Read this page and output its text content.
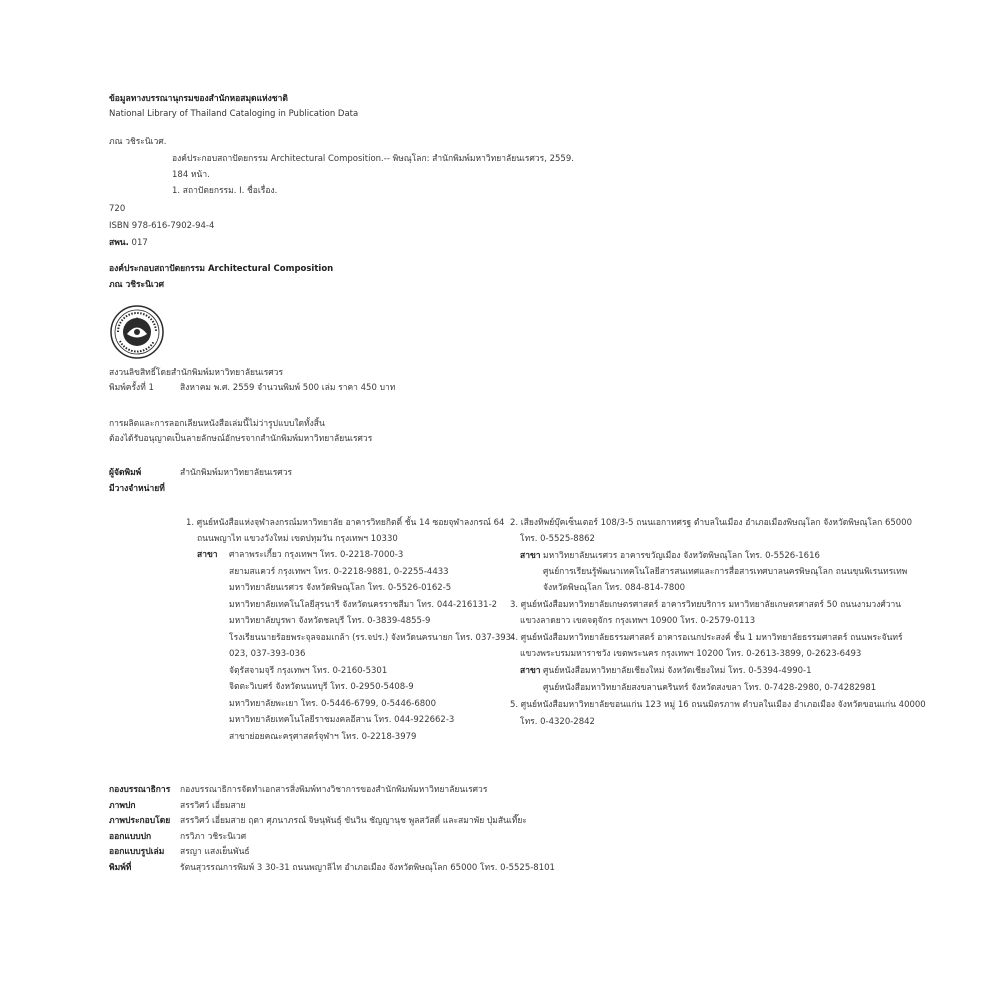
ข้อมูลทางบรรณานุกรมของสำนักหอสมุดแห่งชาติ
National Library of Thailand Cataloging in Publication Data
ภณ วชิระนิเวศ.
องค์ประกอบสถาปัตยกรรม Architectural Composition.-- พิษณุโลก: สำนักพิมพ์มหาวิทยาลัยนเรศวร, 2559.
184 หน้า.
1. สถาปัตยกรรม. I. ชื่อเรื่อง.
720
ISBN 978-616-7902-94-4
สพน. 017
องค์ประกอบสถาปัตยกรรม Architectural Composition
ภณ วชิระนิเวศ
สงวนลิขสิทธิ์โดยสำนักพิมพ์มหาวิทยาลัยนเรศวร
พิมพ์ครั้งที่ 1	สิงหาคม พ.ศ. 2559 จำนวนพิมพ์ 500 เล่ม ราคา 450 บาท
การผลิตและการลอกเลียนหนังสือเล่มนี้ไม่ว่ารูปแบบใดทั้งสิ้น
ต้องได้รับอนุญาตเป็นลายลักษณ์อักษรจากสำนักพิมพ์มหาวิทยาลัยนเรศวร
ผู้จัดพิมพ์	สำนักพิมพ์มหาวิทยาลัยนเรศวร
มีวางจำหน่ายที่
1. ศูนย์หนังสือแห่งจุฬาลงกรณ์มหาวิทยาลัย อาคารวิทยกิตติ์ ชั้น 14 ซอยจุฬาลงกรณ์ 64
ถนนพญาไท แขวงวังใหม่ เขตปทุมวัน กรุงเทพฯ 10330
สาขา ศาลาพระเกี้ยว กรุงเทพฯ โทร. 0-2218-7000-3
สยามสแควร์ กรุงเทพฯ โทร. 0-2218-9881, 0-2255-4433
มหาวิทยาลัยนเรศวร จังหวัดพิษณุโลก โทร. 0-5526-0162-5
มหาวิทยาลัยเทคโนโลยีสุรนารี จังหวัดนครราชสีมา โทร. 044-216131-2
มหาวิทยาลัยบูรพา จังหวัดชลบุรี โทร. 0-3839-4855-9
โรงเรียนนายร้อยพระจุลจอมเกล้า (รร.จปร.) จังหวัดนครนายก โทร. 037-393-
023, 037-393-036
จัตุรัสจามจุรี กรุงเทพฯ โทร. 0-2160-5301
จิตตะวิเบศร์ จังหวัดนนทบุรี โทร. 0-2950-5408-9
มหาวิทยาลัยพะเยา โทร. 0-5446-6799, 0-5446-6800
มหาวิทยาลัยเทคโนโลยีราชมงคลอีสาน โทร. 044-922662-3
สาขาย่อยคณะครุศาสตร์จุฬาฯ โทร. 0-2218-3979
2. เสียงทิพย์บุ๊คเซ็นเตอร์ 108/3-5 ถนนเอกาทศรฐ ตำบลในเมือง อำเภอเมืองพิษณุโลก จังหวัดพิษณุโลก 65000
โทร. 0-5525-8862
สาขา มหาวิทยาลัยนเรศวร อาคารขวัญเมือง จังหวัดพิษณุโลก โทร. 0-5526-1616
ศูนย์การเรียนรู้พัฒนาเทคโนโลยีสารสนเทศและการสื่อสารเทศบาลนครพิษณุโลก ถนนขุนพิเรนทรเทพ
จังหวัดพิษณุโลก โทร. 084-814-7800
3. ศูนย์หนังสือมหาวิทยาลัยเกษตรศาสตร์ อาคารวิทยบริการ มหาวิทยาลัยเกษตรศาสตร์ 50 ถนนงามวงศ์วาน
แขวงลาดยาว เขตจตุจักร กรุงเทพฯ 10900 โทร. 0-2579-0113
4. ศูนย์หนังสือมหาวิทยาลัยธรรมศาสตร์ อาคารอเนกประสงค์ ชั้น 1 มหาวิทยาลัยธรรมศาสตร์ ถนนพระจันทร์
แขวงพระบรมมหาราชวัง เขตพระนคร กรุงเทพฯ 10200 โทร. 0-2613-3899, 0-2623-6493
สาขา ศูนย์หนังสือมหาวิทยาลัยเชียงใหม่ จังหวัดเชียงใหม่ โทร. 0-5394-4990-1
ศูนย์หนังสือมหาวิทยาลัยสงขลานครินทร์ จังหวัดสงขลา โทร. 0-7428-2980, 0-74282981
5. ศูนย์หนังสือมหาวิทยาลัยขอนแก่น 123 หมู่ 16 ถนนมิตรภาพ ตำบลในเมือง อำเภอเมือง จังหวัดขอนแก่น 40000
โทร. 0-4320-2842
กองบรรณาธิการ กองบรรณาธิการจัดทำเอกสารสิ่งพิมพ์ทางวิชาการของสำนักพิมพ์มหาวิทยาลัยนเรศวร
ภาพปก	สรรวิศว์ เอี่ยมสาย
ภาพประกอบโดย สรรวิศว์ เอี่ยมสาย ฤตา ศุภนาภรณ์ จิษนุพันธุ์ ขันวิน ชัญญานุช พูลสวัสดิ์ และสมาพัย ปุ่มสันเที๊ยะ
ออกแบบปก	กรวิภา วชิระนิเวศ
ออกแบบรูปเล่ม สรญา แสงเย็นพันธ์
พิมพ์ที่	รัตนสุวรรณการพิมพ์ 3 30-31 ถนนพญาลิไท อำเภอเมือง จังหวัดพิษณุโลก 65000 โทร. 0-5525-8101
